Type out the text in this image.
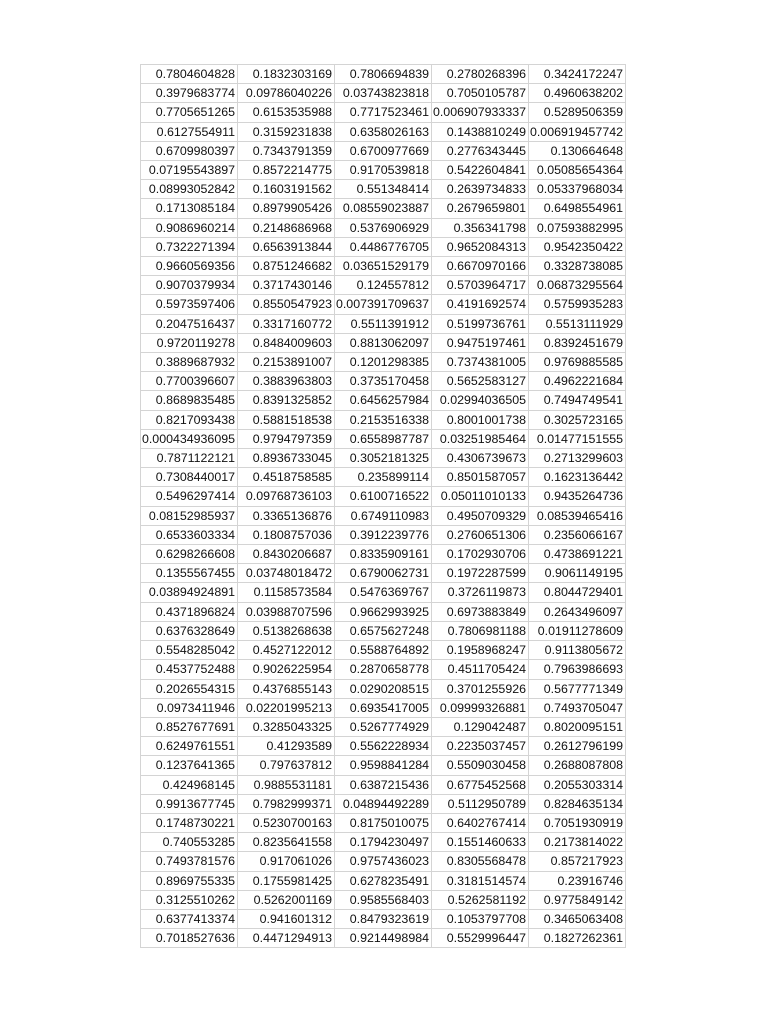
0.7804604828	0.1832303169	0.7806694839	0.2780268396	0.3424172247
0.3979683774	0.09786040226	0.03743823818	0.7050105787	0.4960638202
0.7705651265	0.6153535988	0.7717523461	0.006907933337	0.5289506359
0.6127554911	0.3159231838	0.6358026163	0.1438810249	0.006919457742
0.6709980397	0.7343791359	0.6700977669	0.2776343445	0.130664648
0.07195543897	0.8572214775	0.9170539818	0.5422604841	0.05085654364
0.08993052842	0.1603191562	0.551348414	0.2639734833	0.05337968034
0.1713085184	0.8979905426	0.08559023887	0.2679659801	0.6498554961
0.9086960214	0.2148686968	0.5376906929	0.356341798	0.07593882995
0.7322271394	0.6563913844	0.4486776705	0.9652084313	0.9542350422
0.9660569356	0.8751246682	0.03651529179	0.6670970166	0.3328738085
0.9070379934	0.3717430146	0.124557812	0.5703964717	0.06873295564
0.5973597406	0.8550547923	0.007391709637	0.4191692574	0.5759935283
0.2047516437	0.3317160772	0.5511391912	0.5199736761	0.5513111929
0.9720119278	0.8484009603	0.8813062097	0.9475197461	0.8392451679
0.3889687932	0.2153891007	0.1201298385	0.7374381005	0.9769885585
0.7700396607	0.3883963803	0.3735170458	0.5652583127	0.4962221684
0.8689835485	0.8391325852	0.6456257984	0.02994036505	0.7494749541
0.8217093438	0.5881518538	0.2153516338	0.8001001738	0.3025723165
0.000434936095	0.9794797359	0.6558987787	0.03251985464	0.01477151555
0.7871122121	0.8936733045	0.3052181325	0.4306739673	0.2713299603
0.7308440017	0.4518758585	0.235899114	0.8501587057	0.1623136442
0.5496297414	0.09768736103	0.6100716522	0.05011010133	0.9435264736
0.08152985937	0.3365136876	0.6749110983	0.4950709329	0.08539465416
0.6533603334	0.1808757036	0.3912239776	0.2760651306	0.2356066167
0.6298266608	0.8430206687	0.8335909161	0.1702930706	0.4738691221
0.1355567455	0.03748018472	0.6790062731	0.1972287599	0.9061149195
0.03894924891	0.1158573584	0.5476369767	0.3726119873	0.8044729401
0.4371896824	0.03988707596	0.9662993925	0.6973883849	0.2643496097
0.6376328649	0.5138268638	0.6575627248	0.7806981188	0.01911278609
0.5548285042	0.4527122012	0.5588764892	0.1958968247	0.9113805672
0.4537752488	0.9026225954	0.2870658778	0.4511705424	0.7963986693
0.2026554315	0.4376855143	0.0290208515	0.3701255926	0.5677771349
0.0973411946	0.02201995213	0.6935417005	0.09999326881	0.7493705047
0.8527677691	0.3285043325	0.5267774929	0.129042487	0.8020095151
0.6249761551	0.41293589	0.5562228934	0.2235037457	0.2612796199
0.1237641365	0.797637812	0.9598841284	0.5509030458	0.2688087808
0.424968145	0.9885531181	0.6387215436	0.6775452568	0.2055303314
0.9913677745	0.7982999371	0.04894492289	0.5112950789	0.8284635134
0.1748730221	0.5230700163	0.8175010075	0.6402767414	0.7051930919
0.740553285	0.8235641558	0.1794230497	0.1551460633	0.2173814022
0.7493781576	0.917061026	0.9757436023	0.8305568478	0.857217923
0.8969755335	0.1755981425	0.6278235491	0.3181514574	0.23916746
0.3125510262	0.5262001169	0.9585568403	0.5262581192	0.9775849142
0.6377413374	0.941601312	0.8479323619	0.1053797708	0.3465063408
0.7018527636	0.4471294913	0.9214498984	0.5529996447	0.1827262361
